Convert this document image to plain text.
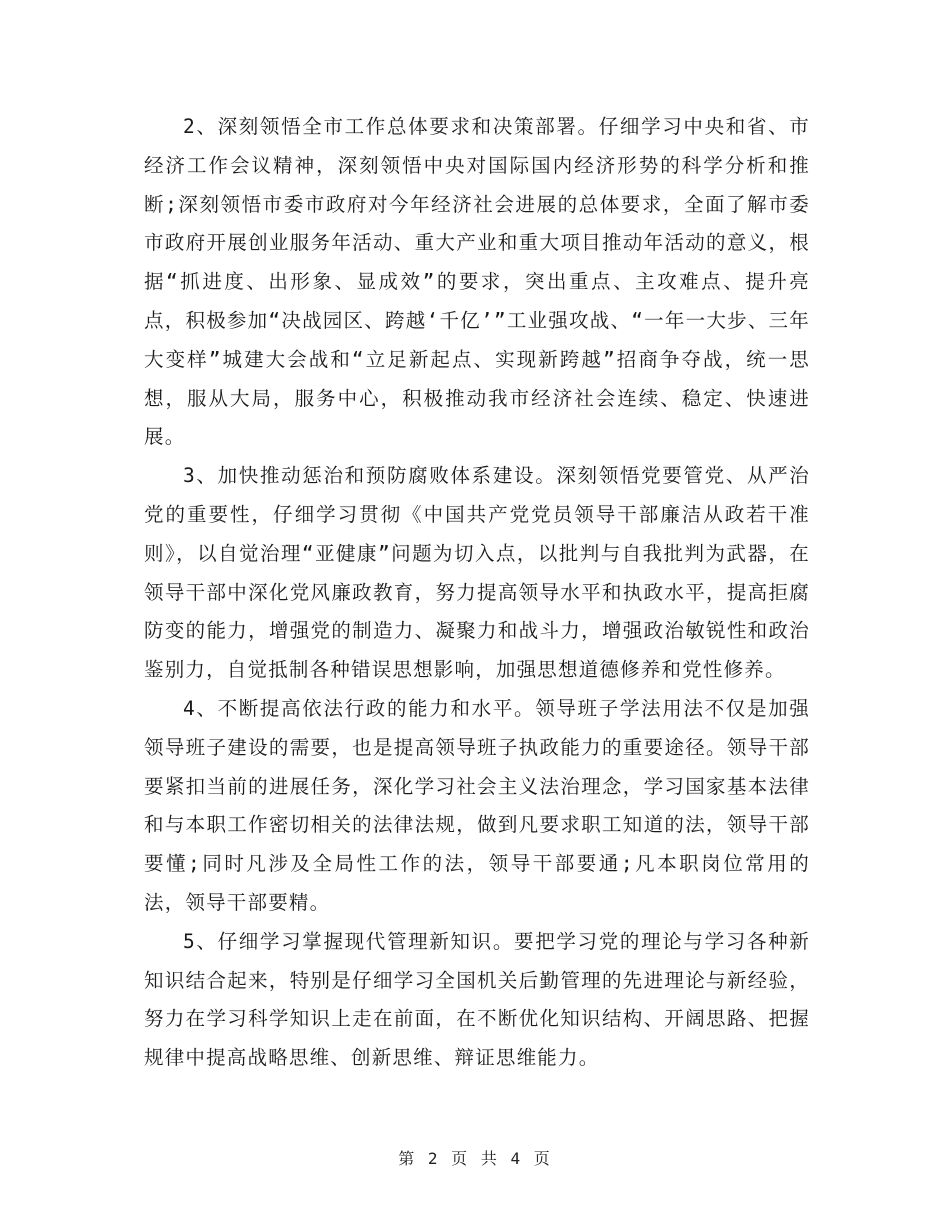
2、深刻领悟全市工作总体要求和决策部署。仔细学习中央和省、市经济工作会议精神，深刻领悟中央对国际国内经济形势的科学分析和推断;深刻领悟市委市政府对今年经济社会进展的总体要求，全面了解市委市政府开展创业服务年活动、重大产业和重大项目推动年活动的意义，根据“抓进度、出形象、显成效”的要求，突出重点、主攻难点、提升亮点，积极参加“决战园区、跨越‘千亿’”工业强攻战、“一年一大步、三年大变样”城建大会战和“立足新起点、实现新跨越”招商争夺战，统一思想，服从大局，服务中心，积极推动我市经济社会连续、稳定、快速进展。

3、加快推动惩治和预防腐败体系建设。深刻领悟党要管党、从严治党的重要性，仔细学习贯彻《中国共产党党员领导干部廉洁从政若干准则》，以自觉治理“亚健康”问题为切入点，以批判与自我批判为武器，在领导干部中深化党风廉政教育，努力提高领导水平和执政水平，提高拒腐防变的能力，增强党的制造力、凝聚力和战斗力，增强政治敏锐性和政治鉴别力，自觉抵制各种错误思想影响，加强思想道德修养和党性修养。

4、不断提高依法行政的能力和水平。领导班子学法用法不仅是加强领导班子建设的需要，也是提高领导班子执政能力的重要途径。领导干部要紧扣当前的进展任务，深化学习社会主义法治理念，学习国家基本法律和与本职工作密切相关的法律法规，做到凡要求职工知道的法，领导干部要懂;同时凡涉及全局性工作的法，领导干部要通;凡本职岗位常用的法，领导干部要精。

5、仔细学习掌握现代管理新知识。要把学习党的理论与学习各种新知识结合起来，特别是仔细学习全国机关后勤管理的先进理论与新经验，努力在学习科学知识上走在前面，在不断优化知识结构、开阔思路、把握规律中提高战略思维、创新思维、辩证思维能力。

第 2 页 共 4 页
